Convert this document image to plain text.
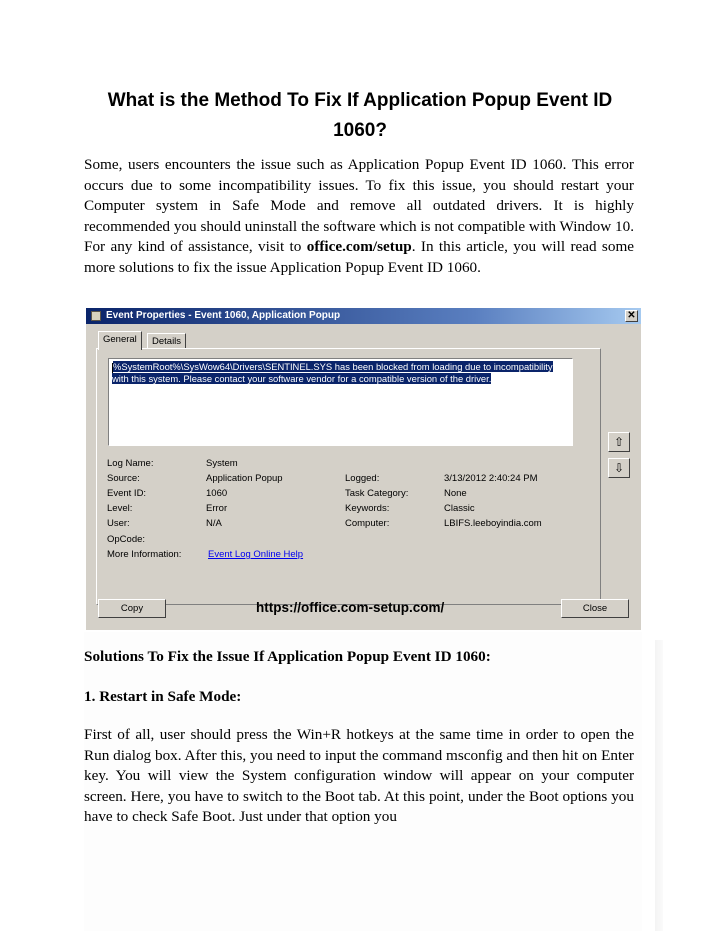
What is the Method To Fix If Application Popup Event ID 1060?
Some, users encounters the issue such as Application Popup Event ID 1060. This error occurs due to some incompatibility issues. To fix this issue, you should restart your Computer system in Safe Mode and remove all outdated drivers. It is highly recommended you should uninstall the software which is not compatible with Window 10. For any kind of assistance, visit to office.com/setup. In this article, you will read some more solutions to fix the issue Application Popup Event ID 1060.
Event Properties - Event 1060, Application Popup	✕
General	Details
%SystemRoot%\SysWow64\Drivers\SENTINEL.SYS has been blocked from loading due to incompatibility with this system. Please contact your software vendor for a compatible version of the driver.
Log Name:	System
Source:	Application Popup	Logged:	3/13/2012 2:40:24 PM
Event ID:	1060	Task Category:	None
Level:	Error	Keywords:	Classic
User:	N/A	Computer:	LBIFS.leeboyindia.com
OpCode:
More Information:	Event Log Online Help
⇧
⇩
Copy	https://office.com-setup.com/	Close
Solutions To Fix the Issue If Application Popup Event ID 1060:
1. Restart in Safe Mode:
First of all, user should press the Win+R hotkeys at the same time in order to open the Run dialog box. After this, you need to input the command msconfig and then hit on Enter key. You will view the System configuration window will appear on your computer screen. Here, you have to switch to the Boot tab. At this point, under the Boot options you have to check Safe Boot. Just under that option you
